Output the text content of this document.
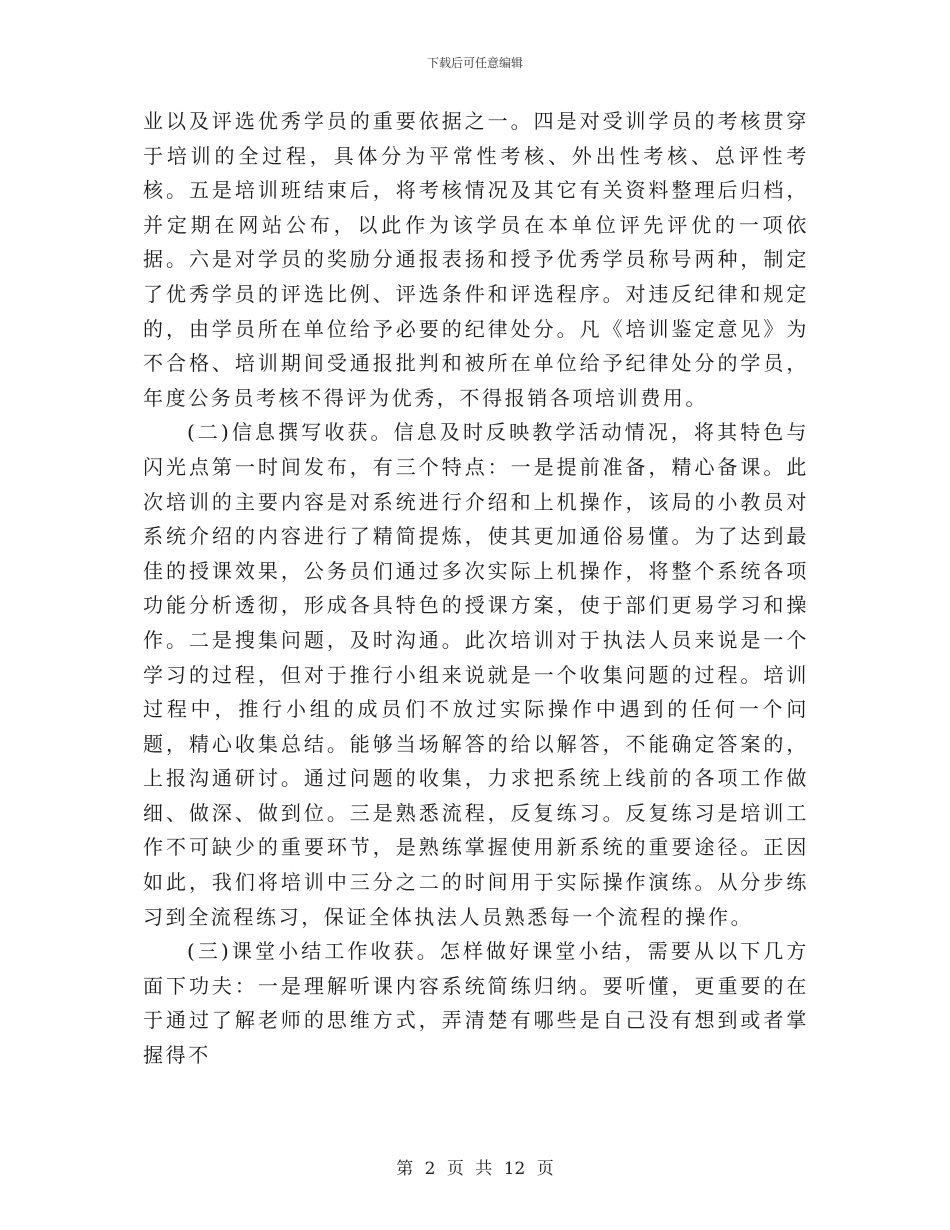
下载后可任意编辑

业以及评选优秀学员的重要依据之一。四是对受训学员的考核贯穿于培训的全过程，具体分为平常性考核、外出性考核、总评性考核。五是培训班结束后，将考核情况及其它有关资料整理后归档，并定期在网站公布，以此作为该学员在本单位评先评优的一项依据。六是对学员的奖励分通报表扬和授予优秀学员称号两种，制定了优秀学员的评选比例、评选条件和评选程序。对违反纪律和规定的，由学员所在单位给予必要的纪律处分。凡《培训鉴定意见》为不合格、培训期间受通报批判和被所在单位给予纪律处分的学员，年度公务员考核不得评为优秀，不得报销各项培训费用。

(二)信息撰写收获。信息及时反映教学活动情况，将其特色与闪光点第一时间发布，有三个特点：一是提前准备，精心备课。此次培训的主要内容是对系统进行介绍和上机操作，该局的小教员对系统介绍的内容进行了精简提炼，使其更加通俗易懂。为了达到最佳的授课效果，公务员们通过多次实际上机操作，将整个系统各项功能分析透彻，形成各具特色的授课方案，使于部们更易学习和操作。二是搜集问题，及时沟通。此次培训对于执法人员来说是一个学习的过程，但对于推行小组来说就是一个收集问题的过程。培训过程中，推行小组的成员们不放过实际操作中遇到的任何一个问题，精心收集总结。能够当场解答的给以解答，不能确定答案的，上报沟通研讨。通过问题的收集，力求把系统上线前的各项工作做细、做深、做到位。三是熟悉流程，反复练习。反复练习是培训工作不可缺少的重要环节，是熟练掌握使用新系统的重要途径。正因如此，我们将培训中三分之二的时间用于实际操作演练。从分步练习到全流程练习，保证全体执法人员熟悉每一个流程的操作。

(三)课堂小结工作收获。怎样做好课堂小结，需要从以下几方面下功夫：一是理解听课内容系统简练归纳。要听懂，更重要的在于通过了解老师的思维方式，弄清楚有哪些是自己没有想到或者掌握得不

第 2 页 共 12 页
